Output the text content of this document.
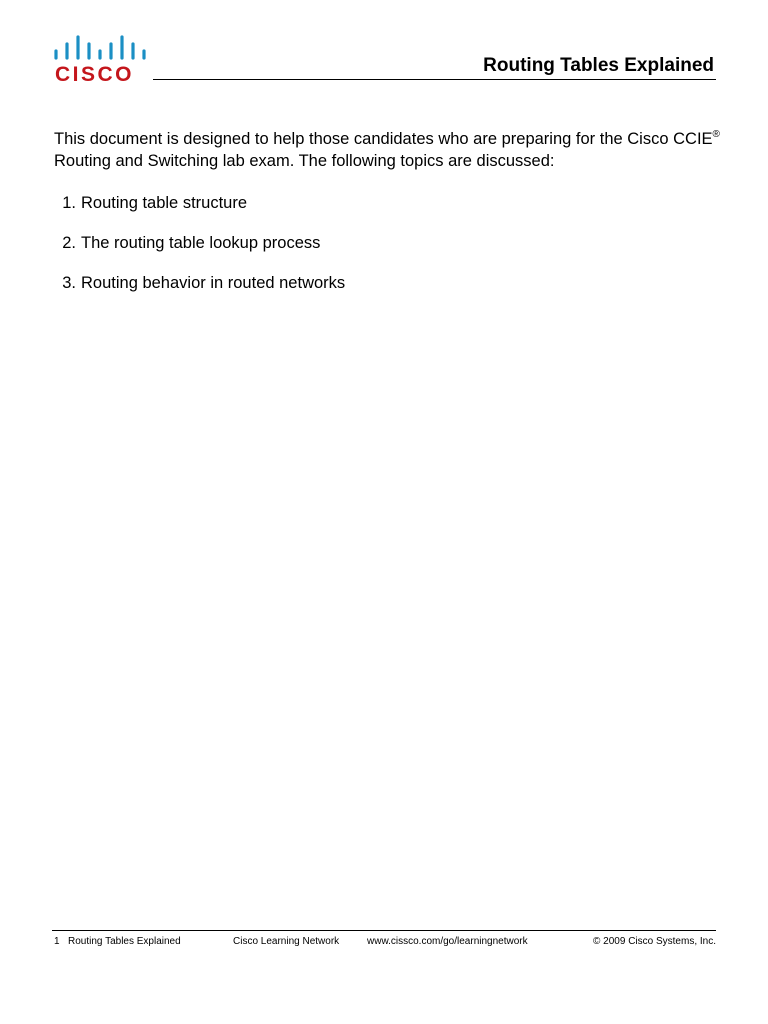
CISCO	Routing Tables Explained

This document is designed to help those candidates who are preparing for the Cisco CCIE® Routing and Switching lab exam. The following topics are discussed:

1. Routing table structure
2. The routing table lookup process
3. Routing behavior in routed networks
1 Routing Tables Explained	Cisco Learning Network	www.cissco.com/go/learningnetwork	© 2009 Cisco Systems, Inc.
